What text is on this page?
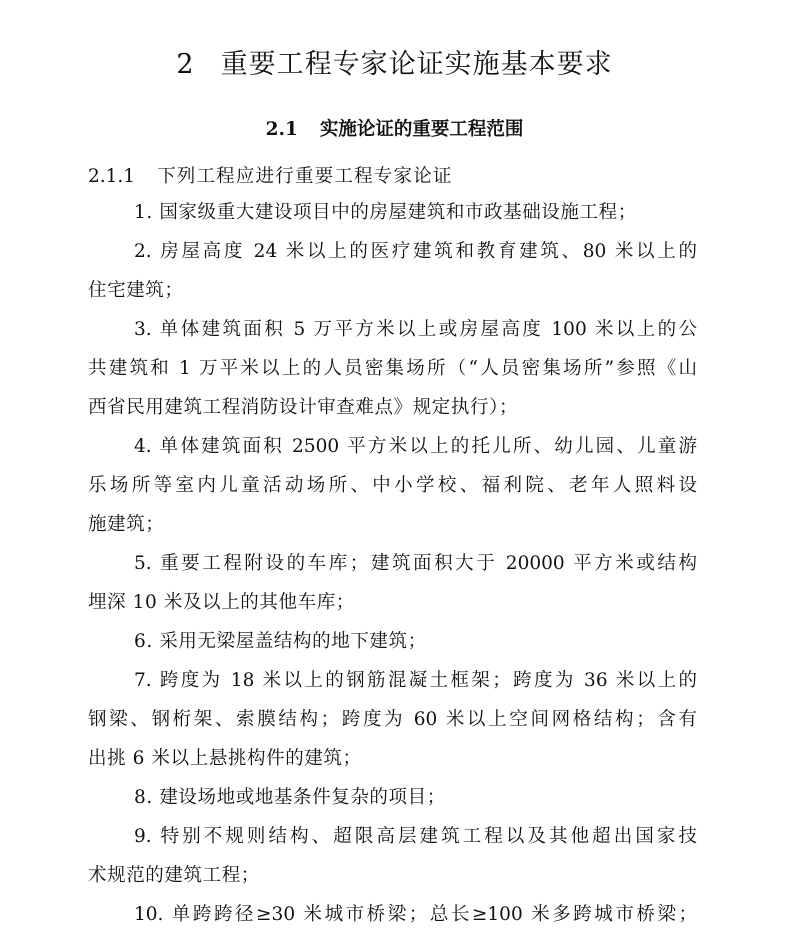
2 重要工程专家论证实施基本要求
2.1 实施论证的重要工程范围
2.1.1 下列工程应进行重要工程专家论证
1. 国家级重大建设项目中的房屋建筑和市政基础设施工程；
2. 房屋高度 24 米以上的医疗建筑和教育建筑、80 米以上的
住宅建筑；
3. 单体建筑面积 5 万平方米以上或房屋高度 100 米以上的公
共建筑和 1 万平米以上的人员密集场所（“人员密集场所”参照《山
西省民用建筑工程消防设计审查难点》规定执行）；
4. 单体建筑面积 2500 平方米以上的托儿所、幼儿园、儿童游
乐场所等室内儿童活动场所、中小学校、福利院、老年人照料设
施建筑；
5. 重要工程附设的车库；建筑面积大于 20000 平方米或结构
埋深 10 米及以上的其他车库；
6. 采用无梁屋盖结构的地下建筑；
7. 跨度为 18 米以上的钢筋混凝土框架；跨度为 36 米以上的
钢梁、钢桁架、索膜结构；跨度为 60 米以上空间网格结构；含有
出挑 6 米以上悬挑构件的建筑；
8. 建设场地或地基条件复杂的项目；
9. 特别不规则结构、超限高层建筑工程以及其他超出国家技
术规范的建筑工程；
10. 单跨跨径≥30 米城市桥梁；总长≥100 米多跨城市桥梁；
